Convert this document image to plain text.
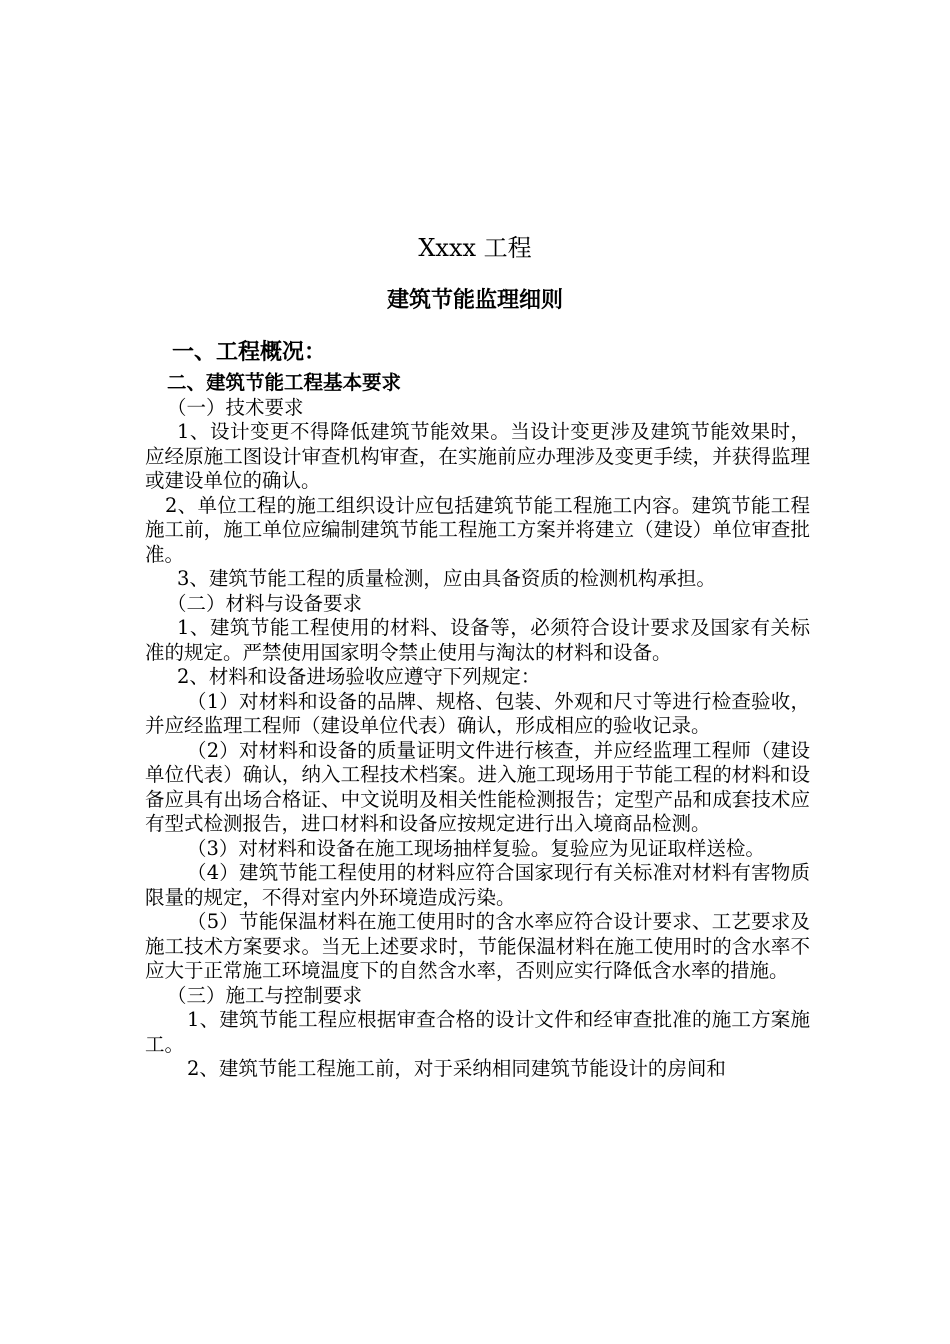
Xxxx 工程
建筑节能监理细则
一、工程概况：

二、建筑节能工程基本要求

（一）技术要求

1、设计变更不得降低建筑节能效果。当设计变更涉及建筑节能效果时，应经原施工图设计审查机构审查，在实施前应办理涉及变更手续，并获得监理或建设单位的确认。

2、单位工程的施工组织设计应包括建筑节能工程施工内容。建筑节能工程施工前，施工单位应编制建筑节能工程施工方案并将建立（建设）单位审查批准。

3、建筑节能工程的质量检测，应由具备资质的检测机构承担。

（二）材料与设备要求

1、建筑节能工程使用的材料、设备等，必须符合设计要求及国家有关标准的规定。严禁使用国家明令禁止使用与淘汰的材料和设备。

2、材料和设备进场验收应遵守下列规定：

（1）对材料和设备的品牌、规格、包装、外观和尺寸等进行检查验收，并应经监理工程师（建设单位代表）确认，形成相应的验收记录。

（2）对材料和设备的质量证明文件进行核查，并应经监理工程师（建设单位代表）确认，纳入工程技术档案。进入施工现场用于节能工程的材料和设备应具有出场合格证、中文说明及相关性能检测报告；定型产品和成套技术应有型式检测报告，进口材料和设备应按规定进行出入境商品检测。

（3）对材料和设备在施工现场抽样复验。复验应为见证取样送检。

（4）建筑节能工程使用的材料应符合国家现行有关标准对材料有害物质限量的规定，不得对室内外环境造成污染。

（5）节能保温材料在施工使用时的含水率应符合设计要求、工艺要求及施工技术方案要求。当无上述要求时，节能保温材料在施工使用时的含水率不应大于正常施工环境温度下的自然含水率，否则应实行降低含水率的措施。

（三）施工与控制要求

1、建筑节能工程应根据审查合格的设计文件和经审查批准的施工方案施工。

2、建筑节能工程施工前，对于采纳相同建筑节能设计的房间和
